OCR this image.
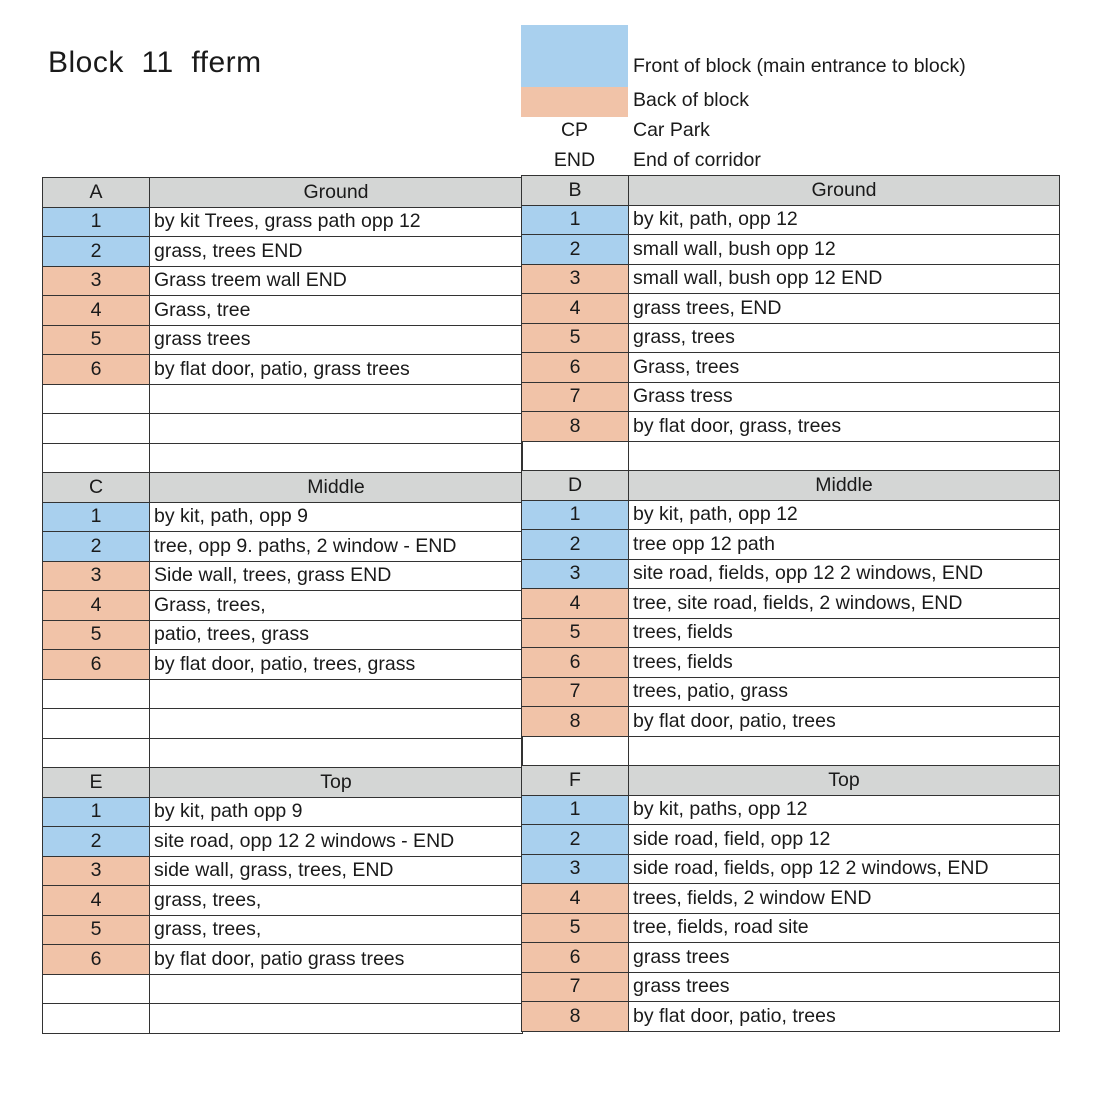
Block  11  fferm	Front of block (main entrance to block)
Back of block
CP	Car Park
END	End of corridor
A	Ground
1	by kit Trees, grass path opp 12
2	grass, trees END
3	Grass treem wall END
4	Grass, tree
5	grass trees
6	by flat door, patio, grass trees

C	Middle
1	by kit, path, opp 9
2	tree, opp 9. paths, 2 window - END
3	Side wall, trees, grass END
4	Grass, trees,
5	patio, trees, grass
6	by flat door, patio, trees, grass

E	Top
1	by kit, path opp 9
2	site road, opp 12 2 windows - END
3	side wall, grass, trees, END
4	grass, trees,
5	grass, trees,
6	by flat door, patio grass trees

B	Ground
1	by kit, path, opp 12
2	small wall, bush opp 12
3	small wall, bush opp 12 END
4	grass trees, END
5	grass, trees
6	Grass, trees
7	Grass tress
8	by flat door, grass, trees

D	Middle
1	by kit, path, opp 12
2	tree opp 12 path
3	site road, fields, opp 12 2 windows, END
4	tree, site road, fields, 2 windows, END
5	trees, fields
6	trees, fields
7	trees, patio, grass
8	by flat door, patio, trees

F	Top
1	by kit, paths, opp 12
2	side road, field, opp 12
3	side road, fields, opp 12 2 windows, END
4	trees, fields, 2 window END
5	tree, fields, road site
6	grass trees
7	grass trees
8	by flat door, patio, trees
